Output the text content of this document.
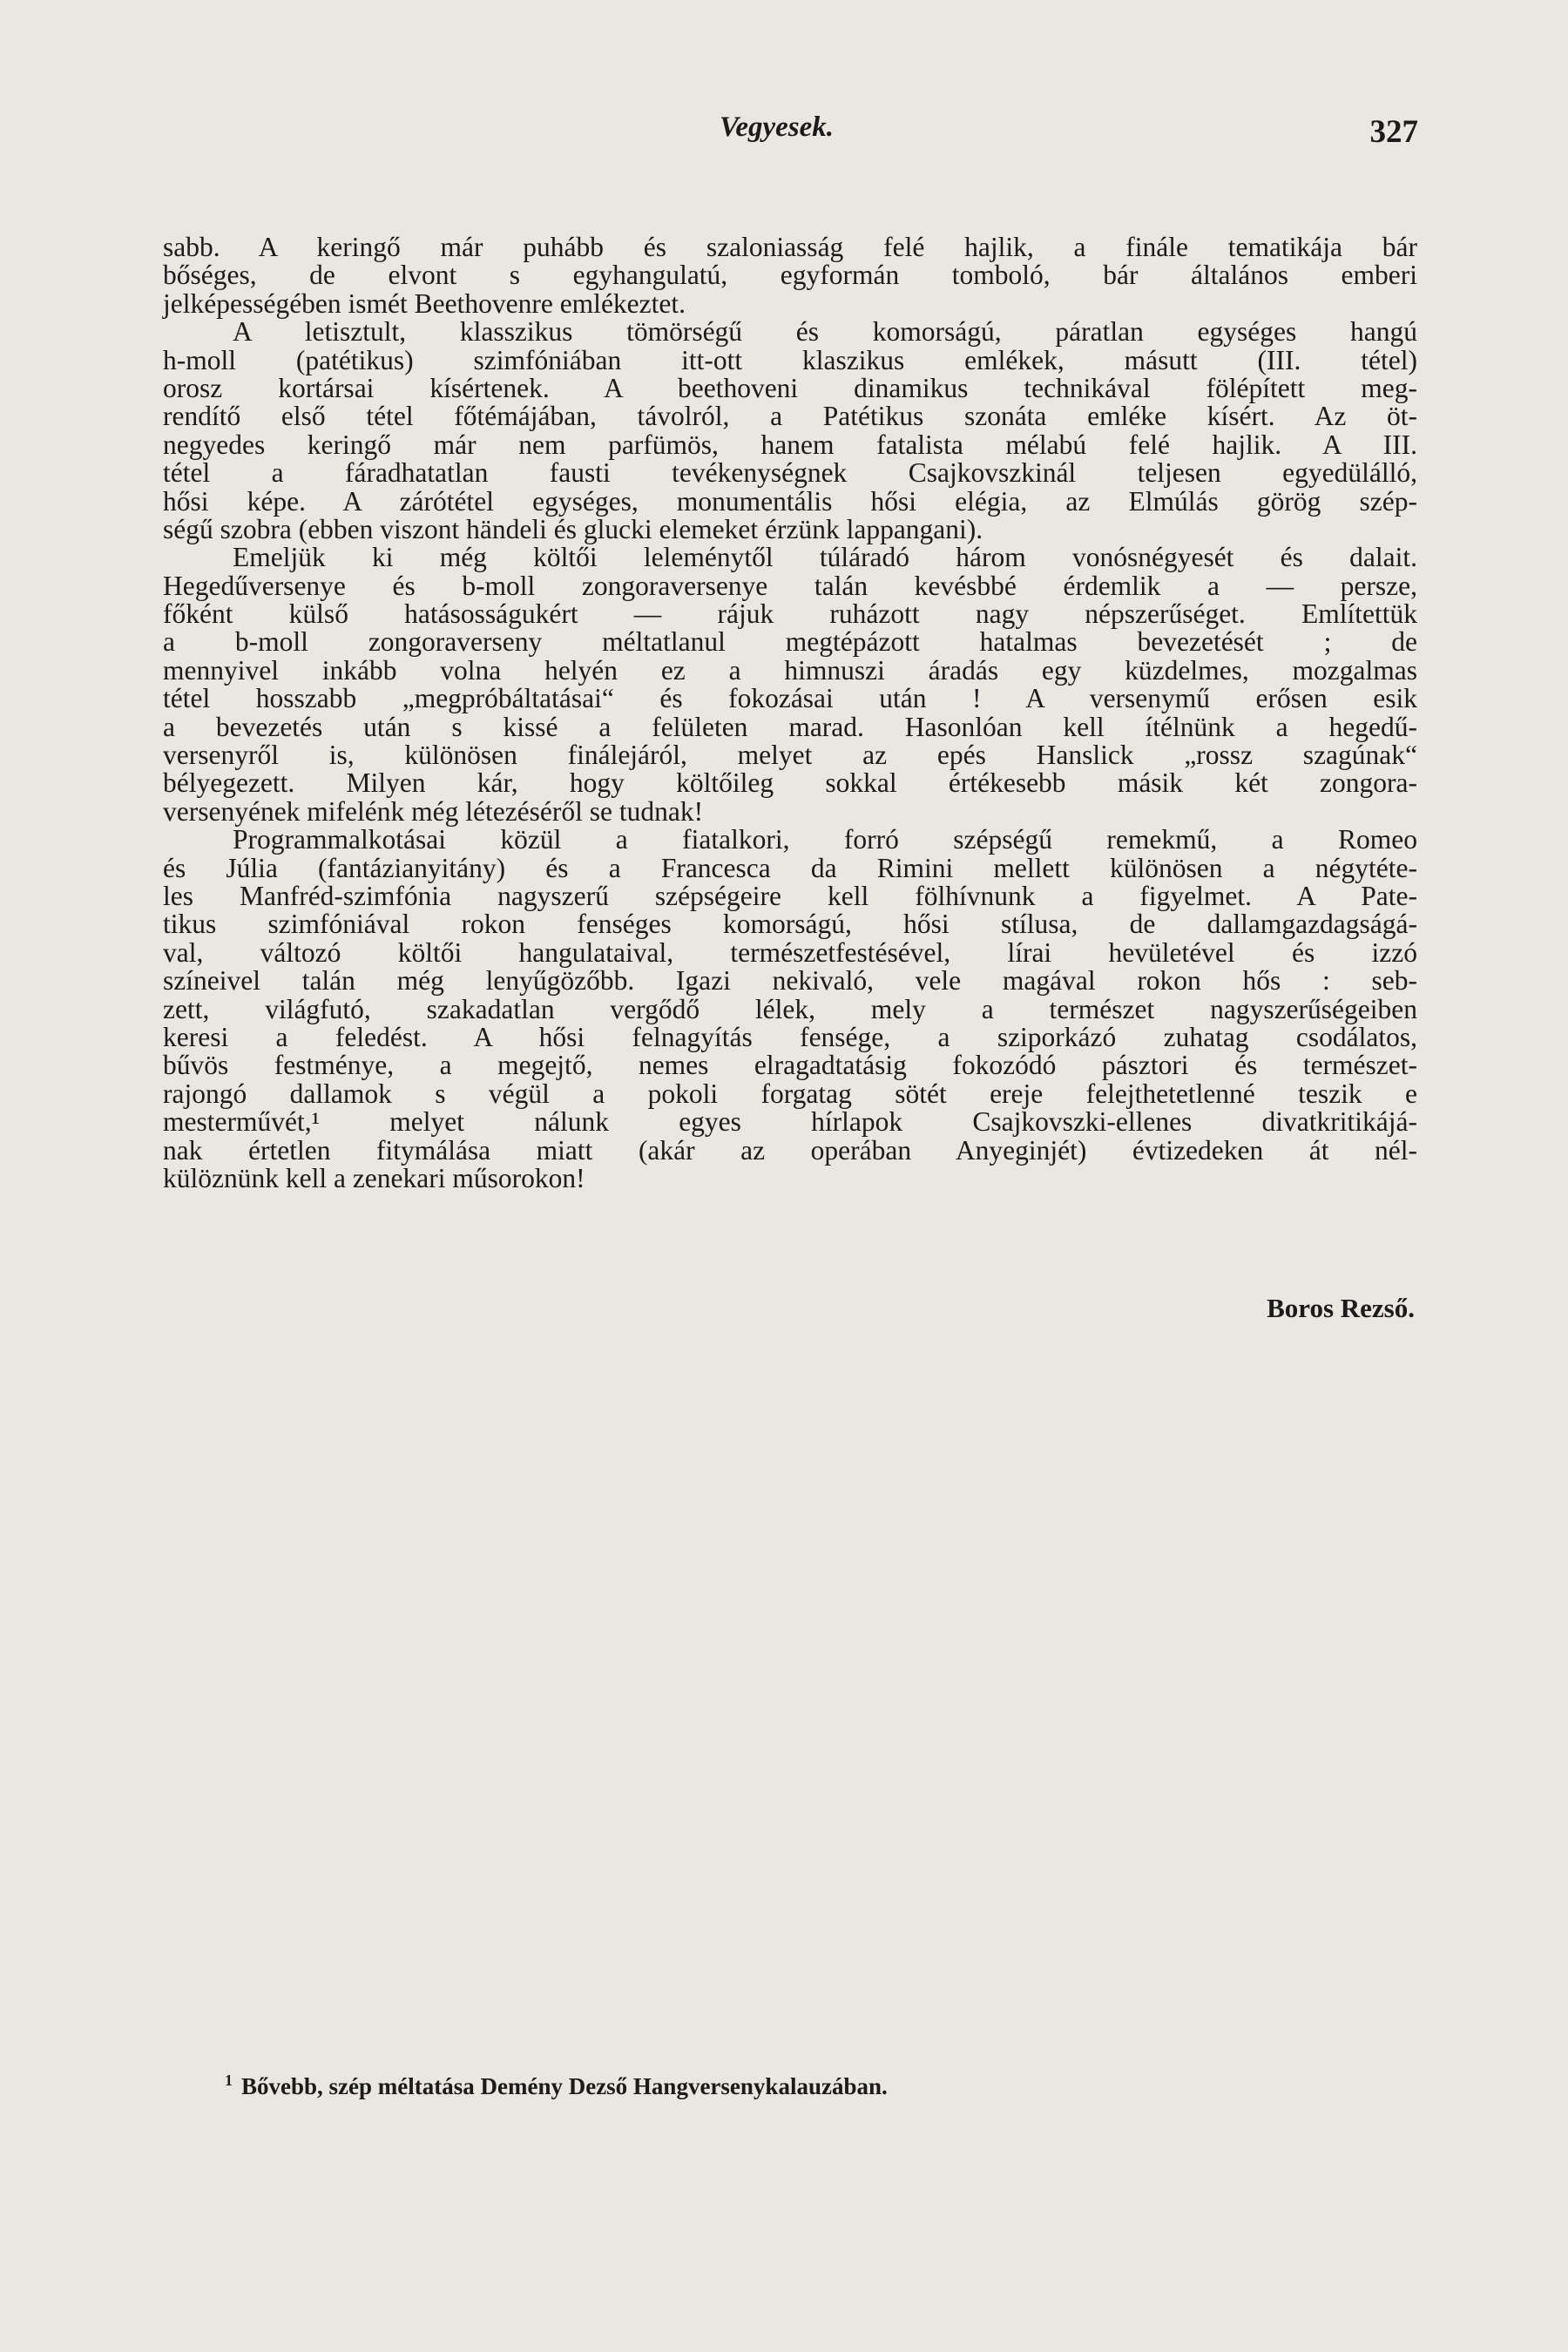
Vegyesek.	327
sabb. A keringő már puhább és szaloniasság felé hajlik, a finále tematikája bár
bőséges, de elvont s egyhangulatú, egyformán tomboló, bár általános emberi
jelképességében ismét Beethovenre emlékeztet.
A letisztult, klasszikus tömörségű és komorságú, páratlan egységes hangú
h-moll (patétikus) szimfóniában itt-ott klaszikus emlékek, másutt (III. tétel)
orosz kortársai kísértenek. A beethoveni dinamikus technikával fölépített meg-
rendítő első tétel főtémájában, távolról, a Patétikus szonáta emléke kísért. Az öt-
negyedes keringő már nem parfümös, hanem fatalista mélabú felé hajlik. A III.
tétel a fáradhatatlan fausti tevékenységnek Csajkovszkinál teljesen egyedülálló,
hősi képe. A zárótétel egységes, monumentális hősi elégia, az Elmúlás görög szép-
ségű szobra (ebben viszont händeli és glucki elemeket érzünk lappangani).
Emeljük ki még költői leleménytől túláradó három vonósnégyesét és dalait.
Hegedűversenye és b-moll zongoraversenye talán kevésbbé érdemlik a — persze,
főként külső hatásosságukért — rájuk ruházott nagy népszerűséget. Említettük
a b-moll zongoraverseny méltatlanul megtépázott hatalmas bevezetését ; de
mennyivel inkább volna helyén ez a himnuszi áradás egy küzdelmes, mozgalmas
tétel hosszabb „megpróbáltatásai“ és fokozásai után ! A versenymű erősen esik
a bevezetés után s kissé a felületen marad. Hasonlóan kell ítélnünk a hegedű-
versenyről is, különösen finálejáról, melyet az epés Hanslick „rossz szagúnak“
bélyegezett. Milyen kár, hogy költőileg sokkal értékesebb másik két zongora-
versenyének mifelénk még létezéséről se tudnak!
Programmalkotásai közül a fiatalkori, forró szépségű remekmű, a Romeo
és Júlia (fantázianyitány) és a Francesca da Rimini mellett különösen a négytéte-
les Manfréd-szimfónia nagyszerű szépségeire kell fölhívnunk a figyelmet. A Pate-
tikus szimfóniával rokon fenséges komorságú, hősi stílusa, de dallamgazdagságá-
val, változó költői hangulataival, természetfestésével, lírai hevületével és izzó
színeivel talán még lenyűgözőbb. Igazi nekivaló, vele magával rokon hős : seb-
zett, világfutó, szakadatlan vergődő lélek, mely a természet nagyszerűségeiben
keresi a feledést. A hősi felnagyítás fensége, a sziporkázó zuhatag csodálatos,
bűvös festménye, a megejtő, nemes elragadtatásig fokozódó pásztori és természet-
rajongó dallamok s végül a pokoli forgatag sötét erejе felejthetetlenné teszik e
mesterművét,¹ melyet nálunk egyes hírlapok Csajkovszki-ellenes divatkritikájá-
nak értetlen fitymálása miatt (akár az operában Anyeginjét) évtizedeken át nél-
külöznünk kell a zenekari műsorokon!
Boros Rezső.
$^1$ Bővebb, szép méltatása Demény Dezső Hangversenykalauzában.
